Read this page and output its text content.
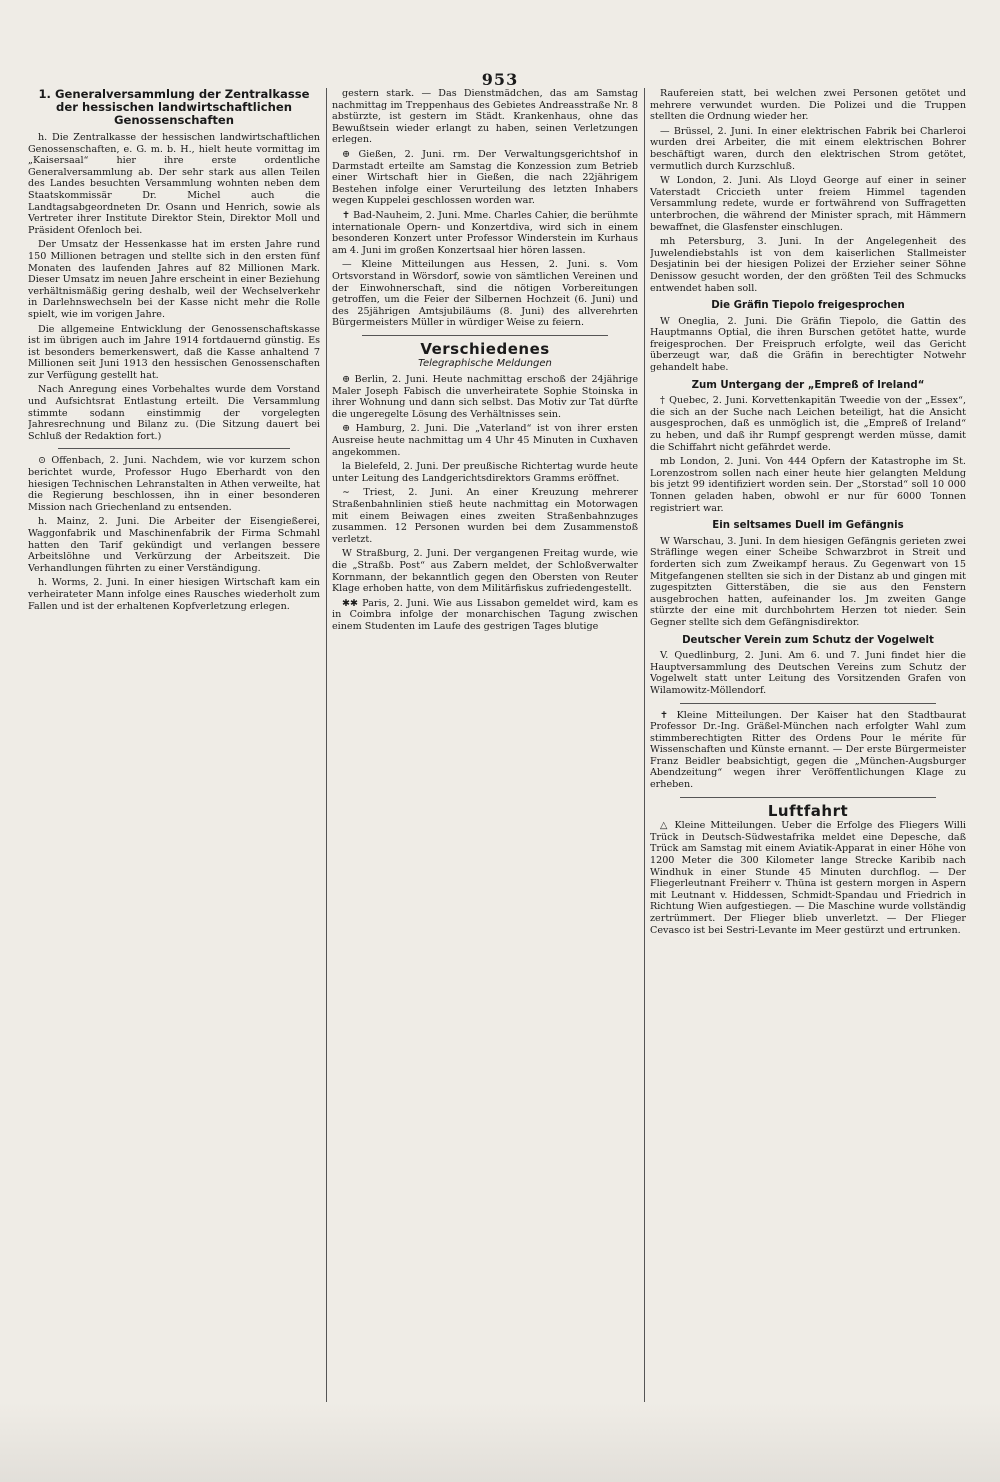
953
1. Generalversammlung der Zentralkasse der hessischen landwirtschaftlichen Genossenschaften

h. Die Zentralkasse der hessischen landwirtschaftlichen Genossenschaften, e. G. m. b. H., hielt heute vormittag im „Kaisersaal“ hier ihre erste ordentliche Generalversammlung ab. Der sehr stark aus allen Teilen des Landes besuchten Versammlung wohnten neben dem Staatskommissär Dr. Michel auch die Landtagsabgeordneten Dr. Osann und Henrich, sowie als Vertreter ihrer Institute Direktor Stein, Direktor Moll und Präsident Ofenloch bei.

Der Umsatz der Hessenkasse hat im ersten Jahre rund 150 Millionen betragen und stellte sich in den ersten fünf Monaten des laufenden Jahres auf 82 Millionen Mark. Dieser Umsatz im neuen Jahre erscheint in einer Beziehung verhältnismäßig gering deshalb, weil der Wechselverkehr in Darlehnswechseln bei der Kasse nicht mehr die Rolle spielt, wie im vorigen Jahre.

Die allgemeine Entwicklung der Genossenschaftskasse ist im übrigen auch im Jahre 1914 fortdauernd günstig. Es ist besonders bemerkenswert, daß die Kasse anhaltend 7 Millionen seit Juni 1913 den hessischen Genossenschaften zur Verfügung gestellt hat.

Nach Anregung eines Vorbehaltes wurde dem Vorstand und Aufsichtsrat Entlastung erteilt. Die Versammlung stimmte sodann einstimmig der vorgelegten Jahresrechnung und Bilanz zu. (Die Sitzung dauert bei Schluß der Redaktion fort.)

⊙ Offenbach, 2. Juni. Nachdem, wie vor kurzem schon berichtet wurde, Professor Hugo Eberhardt von den hiesigen Technischen Lehranstalten in Athen verweilte, hat die Regierung beschlossen, ihn in einer besonderen Mission nach Griechenland zu entsenden.

h. Mainz, 2. Juni. Die Arbeiter der Eisengießerei, Waggonfabrik und Maschinenfabrik der Firma Schmahl hatten den Tarif gekündigt und verlangen bessere Arbeitslöhne und Verkürzung der Arbeitszeit. Die Verhandlungen führten zu einer Verständigung.

h. Worms, 2. Juni. In einer hiesigen Wirtschaft kam ein verheirateter Mann infolge eines Rausches wiederholt zum Fallen und ist der erhaltenen Kopfverletzung erlegen.

gestern stark. — Das Dienstmädchen, das am Samstag nachmittag im Treppenhaus des Gebietes Andreasstraße Nr. 8 abstürzte, ist gestern im Städt. Krankenhaus, ohne das Bewußtsein wieder erlangt zu haben, seinen Verletzungen erlegen.

⊕ Gießen, 2. Juni. rm. Der Verwaltungsgerichtshof in Darmstadt erteilte am Samstag die Konzession zum Betrieb einer Wirtschaft hier in Gießen, die nach 22jährigem Bestehen infolge einer Verurteilung des letzten Inhabers wegen Kuppelei geschlossen worden war.

✝ Bad-Nauheim, 2. Juni. Mme. Charles Cahier, die berühmte internationale Opern- und Konzertdiva, wird sich in einem besonderen Konzert unter Professor Winderstein im Kurhaus am 4. Juni im großen Konzertsaal hier hören lassen.

— Kleine Mitteilungen aus Hessen, 2. Juni. s. Vom Ortsvorstand in Wörsdorf, sowie von sämtlichen Vereinen und der Einwohnerschaft, sind die nötigen Vorbereitungen getroffen, um die Feier der Silbernen Hochzeit (6. Juni) und des 25jährigen Amtsjubiläums (8. Juni) des allverehrten Bürgermeisters Müller in würdiger Weise zu feiern.

Verschiedenes
Telegraphische Meldungen

⊕ Berlin, 2. Juni. Heute nachmittag erschoß der 24jährige Maler Joseph Fabisch die unverheiratete Sophie Stoinska in ihrer Wohnung und dann sich selbst. Das Motiv zur Tat dürfte die ungeregelte Lösung des Verhältnisses sein.

⊕ Hamburg, 2. Juni. Die „Vaterland“ ist von ihrer ersten Ausreise heute nachmittag um 4 Uhr 45 Minuten in Cuxhaven angekommen.

la Bielefeld, 2. Juni. Der preußische Richtertag wurde heute unter Leitung des Landgerichtsdirektors Gramms eröffnet.

∼ Triest, 2. Juni. An einer Kreuzung mehrerer Straßenbahnlinien stieß heute nachmittag ein Motorwagen mit einem Beiwagen eines zweiten Straßenbahnzuges zusammen. 12 Personen wurden bei dem Zusammenstoß verletzt.

W Straßburg, 2. Juni. Der vergangenen Freitag wurde, wie die „Straßb. Post“ aus Zabern meldet, der Schloßverwalter Kornmann, der bekanntlich gegen den Obersten von Reuter Klage erhoben hatte, von dem Militärfiskus zufriedengestellt.

✱✱ Paris, 2. Juni. Wie aus Lissabon gemeldet wird, kam es in Coimbra infolge der monarchischen Tagung zwischen einem Studenten im Laufe des gestrigen Tages blutige

Raufereien statt, bei welchen zwei Personen getötet und mehrere verwundet wurden. Die Polizei und die Truppen stellten die Ordnung wieder her.

— Brüssel, 2. Juni. In einer elektrischen Fabrik bei Charleroi wurden drei Arbeiter, die mit einem elektrischen Bohrer beschäftigt waren, durch den elektrischen Strom getötet, vermutlich durch Kurzschluß.

W London, 2. Juni. Als Lloyd George auf einer in seiner Vaterstadt Criccieth unter freiem Himmel tagenden Versammlung redete, wurde er fortwährend von Suffragetten unterbrochen, die während der Minister sprach, mit Hämmern bewaffnet, die Glasfenster einschlugen.

mh Petersburg, 3. Juni. In der Angelegenheit des Juwelendiebstahls ist von dem kaiserlichen Stallmeister Desjatinin bei der hiesigen Polizei der Erzieher seiner Söhne Denissow gesucht worden, der den größten Teil des Schmucks entwendet haben soll.

Die Gräfin Tiepolo freigesprochen

W Oneglia, 2. Juni. Die Gräfin Tiepolo, die Gattin des Hauptmanns Optial, die ihren Burschen getötet hatte, wurde freigesprochen. Der Freispruch erfolgte, weil das Gericht überzeugt war, daß die Gräfin in berechtigter Notwehr gehandelt habe.

Zum Untergang der „Empreß of Ireland“

† Quebec, 2. Juni. Korvettenkapitän Tweedie von der „Essex“, die sich an der Suche nach Leichen beteiligt, hat die Ansicht ausgesprochen, daß es unmöglich ist, die „Empreß of Ireland“ zu heben, und daß ihr Rumpf gesprengt werden müsse, damit die Schiffahrt nicht gefährdet werde.

mb London, 2. Juni. Von 444 Opfern der Katastrophe im St. Lorenzostrom sollen nach einer heute hier gelangten Meldung bis jetzt 99 identifiziert worden sein. Der „Storstad“ soll 10 000 Tonnen geladen haben, obwohl er nur für 6000 Tonnen registriert war.

Ein seltsames Duell im Gefängnis

W Warschau, 3. Juni. In dem hiesigen Gefängnis gerieten zwei Sträflinge wegen einer Scheibe Schwarzbrot in Streit und forderten sich zum Zweikampf heraus. Zu Gegenwart von 15 Mitgefangenen stellten sie sich in der Distanz ab und gingen mit zugespitzten Gitterstäben, die sie aus den Fenstern ausgebrochen hatten, aufeinander los. Jm zweiten Gange stürzte der eine mit durchbohrtem Herzen tot nieder. Sein Gegner stellte sich dem Gefängnisdirektor.

Deutscher Verein zum Schutz der Vogelwelt

V. Quedlinburg, 2. Juni. Am 6. und 7. Juni findet hier die Hauptversammlung des Deutschen Vereins zum Schutz der Vogelwelt statt unter Leitung des Vorsitzenden Grafen von Wilamowitz-Möllendorf.

✝ Kleine Mitteilungen. Der Kaiser hat den Stadtbaurat Professor Dr.-Ing. Gräßel-München nach erfolgter Wahl zum stimmberechtigten Ritter des Ordens Pour le mérite für Wissenschaften und Künste ernannt. — Der erste Bürgermeister Franz Beidler beabsichtigt, gegen die „München-Augsburger Abendzeitung“ wegen ihrer Veröffentlichungen Klage zu erheben.

Luftfahrt

△ Kleine Mitteilungen. Ueber die Erfolge des Fliegers Willi Trück in Deutsch-Südwestafrika meldet eine Depesche, daß Trück am Samstag mit einem Aviatik-Apparat in einer Höhe von 1200 Meter die 300 Kilometer lange Strecke Karibib nach Windhuk in einer Stunde 45 Minuten durchflog. — Der Fliegerleutnant Freiherr v. Thüna ist gestern morgen in Aspern mit Leutnant v. Hiddessen, Schmidt-Spandau und Friedrich in Richtung Wien aufgestiegen. — Die Maschine wurde vollständig zertrümmert. Der Flieger blieb unverletzt. — Der Flieger Cevasco ist bei Sestri-Levante im Meer gestürzt und ertrunken.
